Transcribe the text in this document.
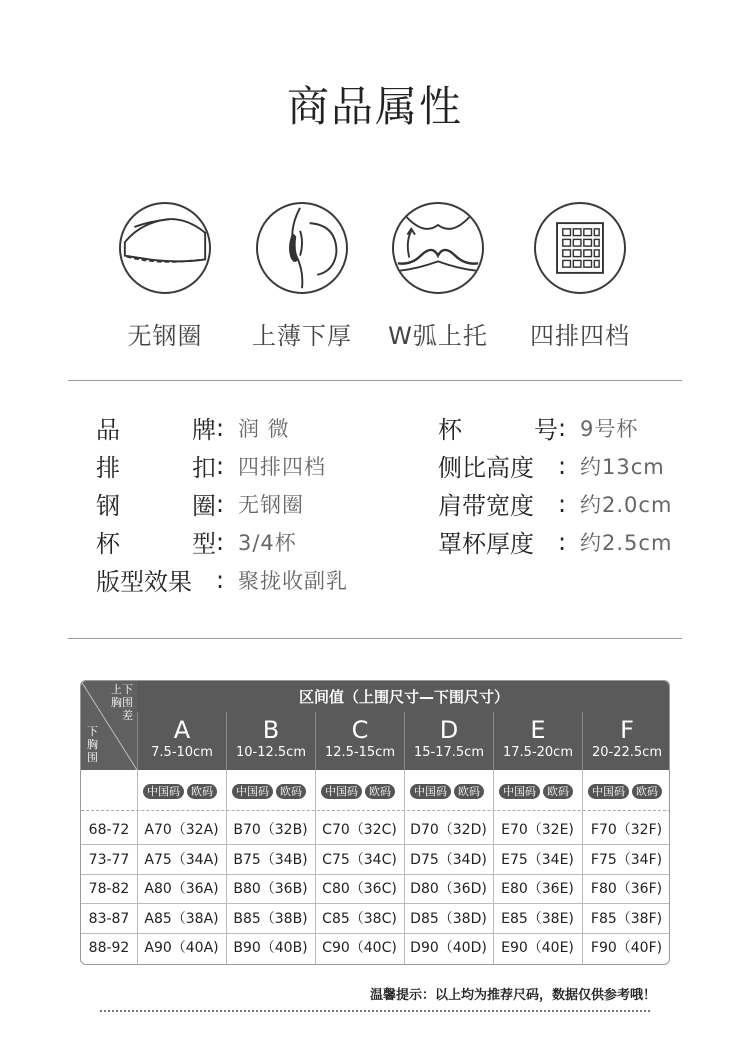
商品属性
无钢圈	上薄下厚	W弧上托	四排四档
品	牌 : 润 微
排	扣 : 四排四档
钢	圈 : 无钢圈
杯	型 : 3/4杯
版型效果	: 聚拢收副乳
杯	号 : 9号杯
侧比高度	: 约13cm
肩带宽度	: 约2.0cm
罩杯厚度	: 约2.5cm
上下胸围差
下胸围
区间值（上围尺寸—下围尺寸）
A
7.5-10cm
B
10-12.5cm
C
12.5-15cm
D
15-17.5cm
E
17.5-20cm
F
20-22.5cm
中国码	欧码	中国码	欧码	中国码	欧码	中国码	欧码	中国码	欧码	中国码	欧码
68-72	A70（32A)	B70（32B)	C70（32C) D70（32D)	E70（32E)	F70（32F)
73-77	A75（34A)	B75（34B)	C75（34C) D75（34D)	E75（34E)	F75（34F)
78-82	A80（36A)	B80（36B)	C80（36C) D80（36D)	E80（36E)	F80（36F)
83-87	A85（38A)	B85（38B)	C85（38C) D85（38D)	E85（38E)	F85（38F)
88-92	A90（40A)	B90（40B)	C90（40C) D90（40D)	E90（40E)	F90（40F)
温馨提示：以上均为推荐尺码，数据仅供参考哦！
